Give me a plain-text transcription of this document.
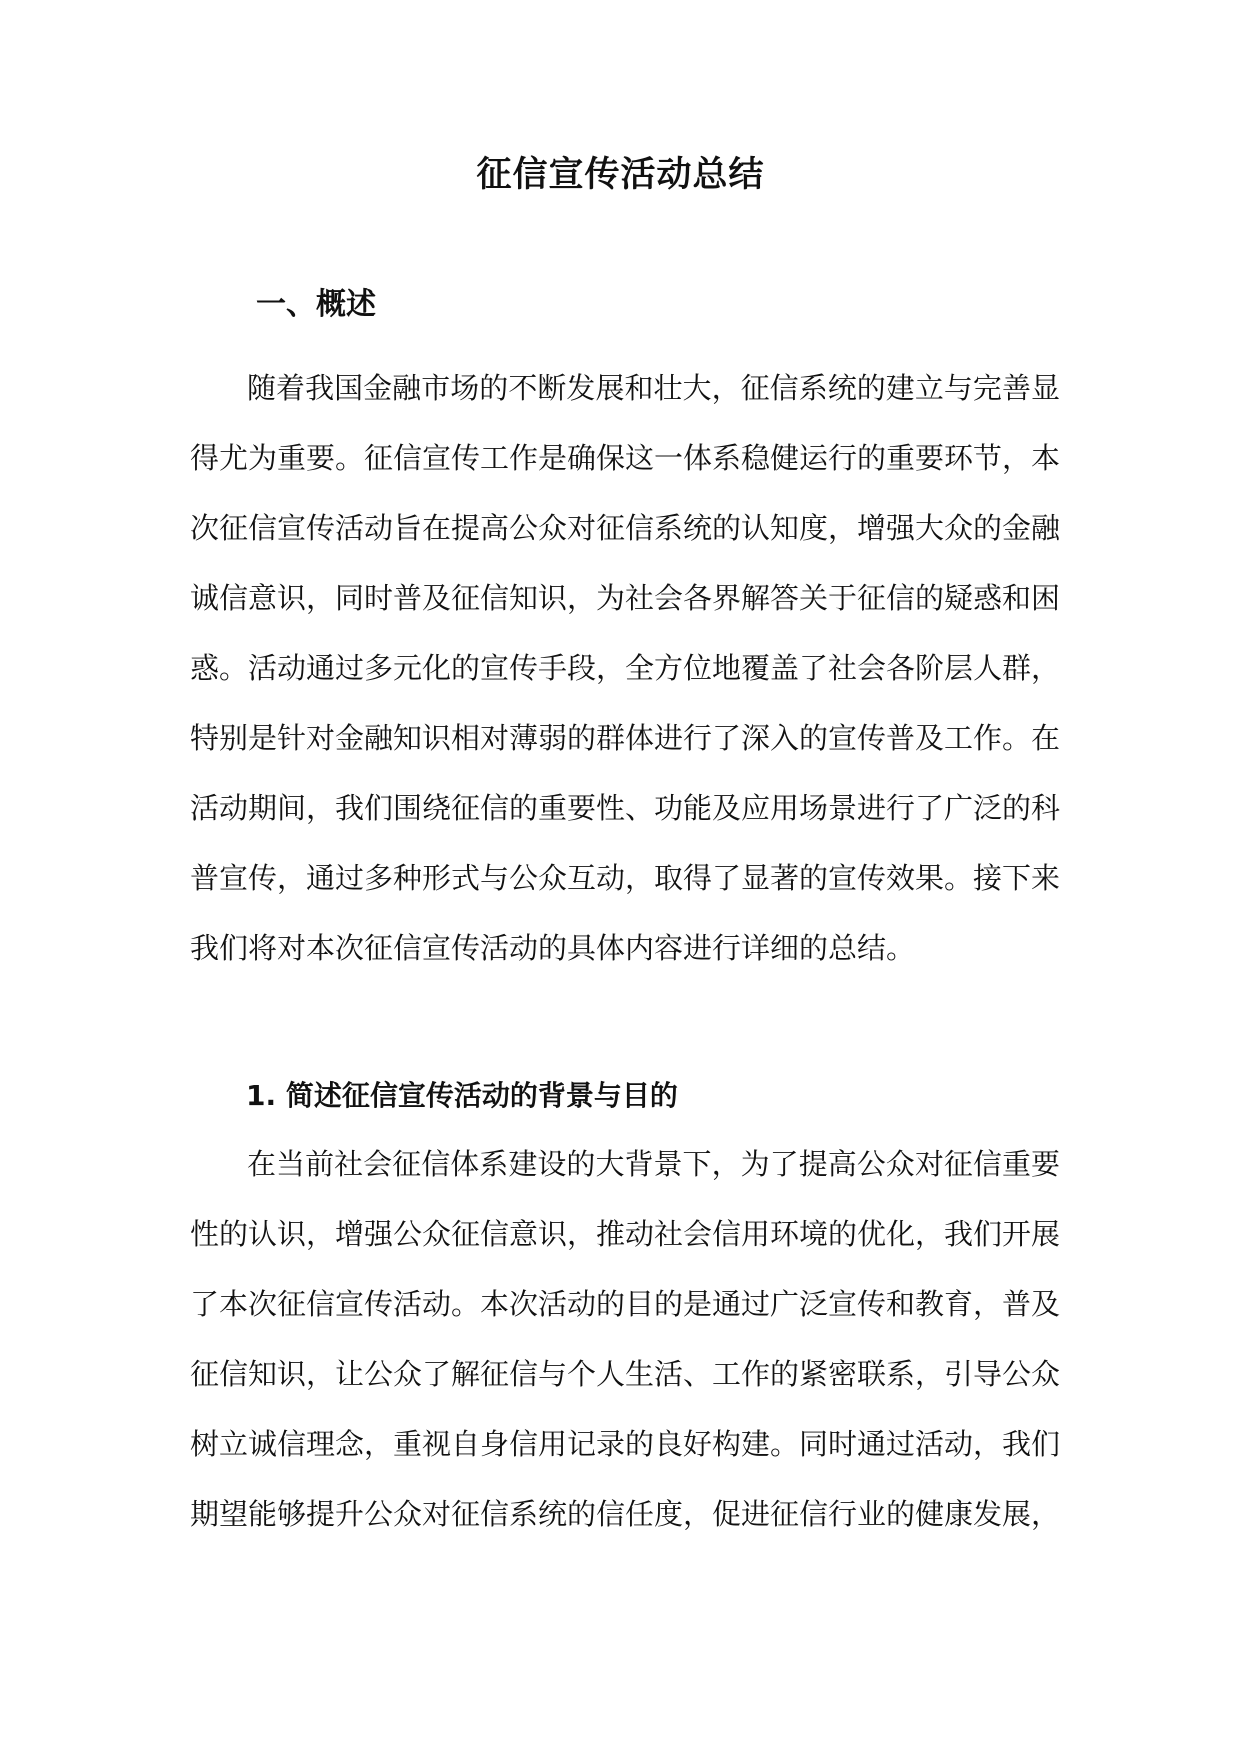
征信宣传活动总结
一、概述
随着我国金融市场的不断发展和壮大，征信系统的建立与完善显
得尤为重要。征信宣传工作是确保这一体系稳健运行的重要环节，本
次征信宣传活动旨在提高公众对征信系统的认知度，增强大众的金融
诚信意识，同时普及征信知识，为社会各界解答关于征信的疑惑和困
惑。活动通过多元化的宣传手段，全方位地覆盖了社会各阶层人群，
特别是针对金融知识相对薄弱的群体进行了深入的宣传普及工作。在
活动期间，我们围绕征信的重要性、功能及应用场景进行了广泛的科
普宣传，通过多种形式与公众互动，取得了显著的宣传效果。接下来
我们将对本次征信宣传活动的具体内容进行详细的总结。
1. 简述征信宣传活动的背景与目的
在当前社会征信体系建设的大背景下，为了提高公众对征信重要
性的认识，增强公众征信意识，推动社会信用环境的优化，我们开展
了本次征信宣传活动。本次活动的目的是通过广泛宣传和教育，普及
征信知识，让公众了解征信与个人生活、工作的紧密联系，引导公众
树立诚信理念，重视自身信用记录的良好构建。同时通过活动，我们
期望能够提升公众对征信系统的信任度，促进征信行业的健康发展，
